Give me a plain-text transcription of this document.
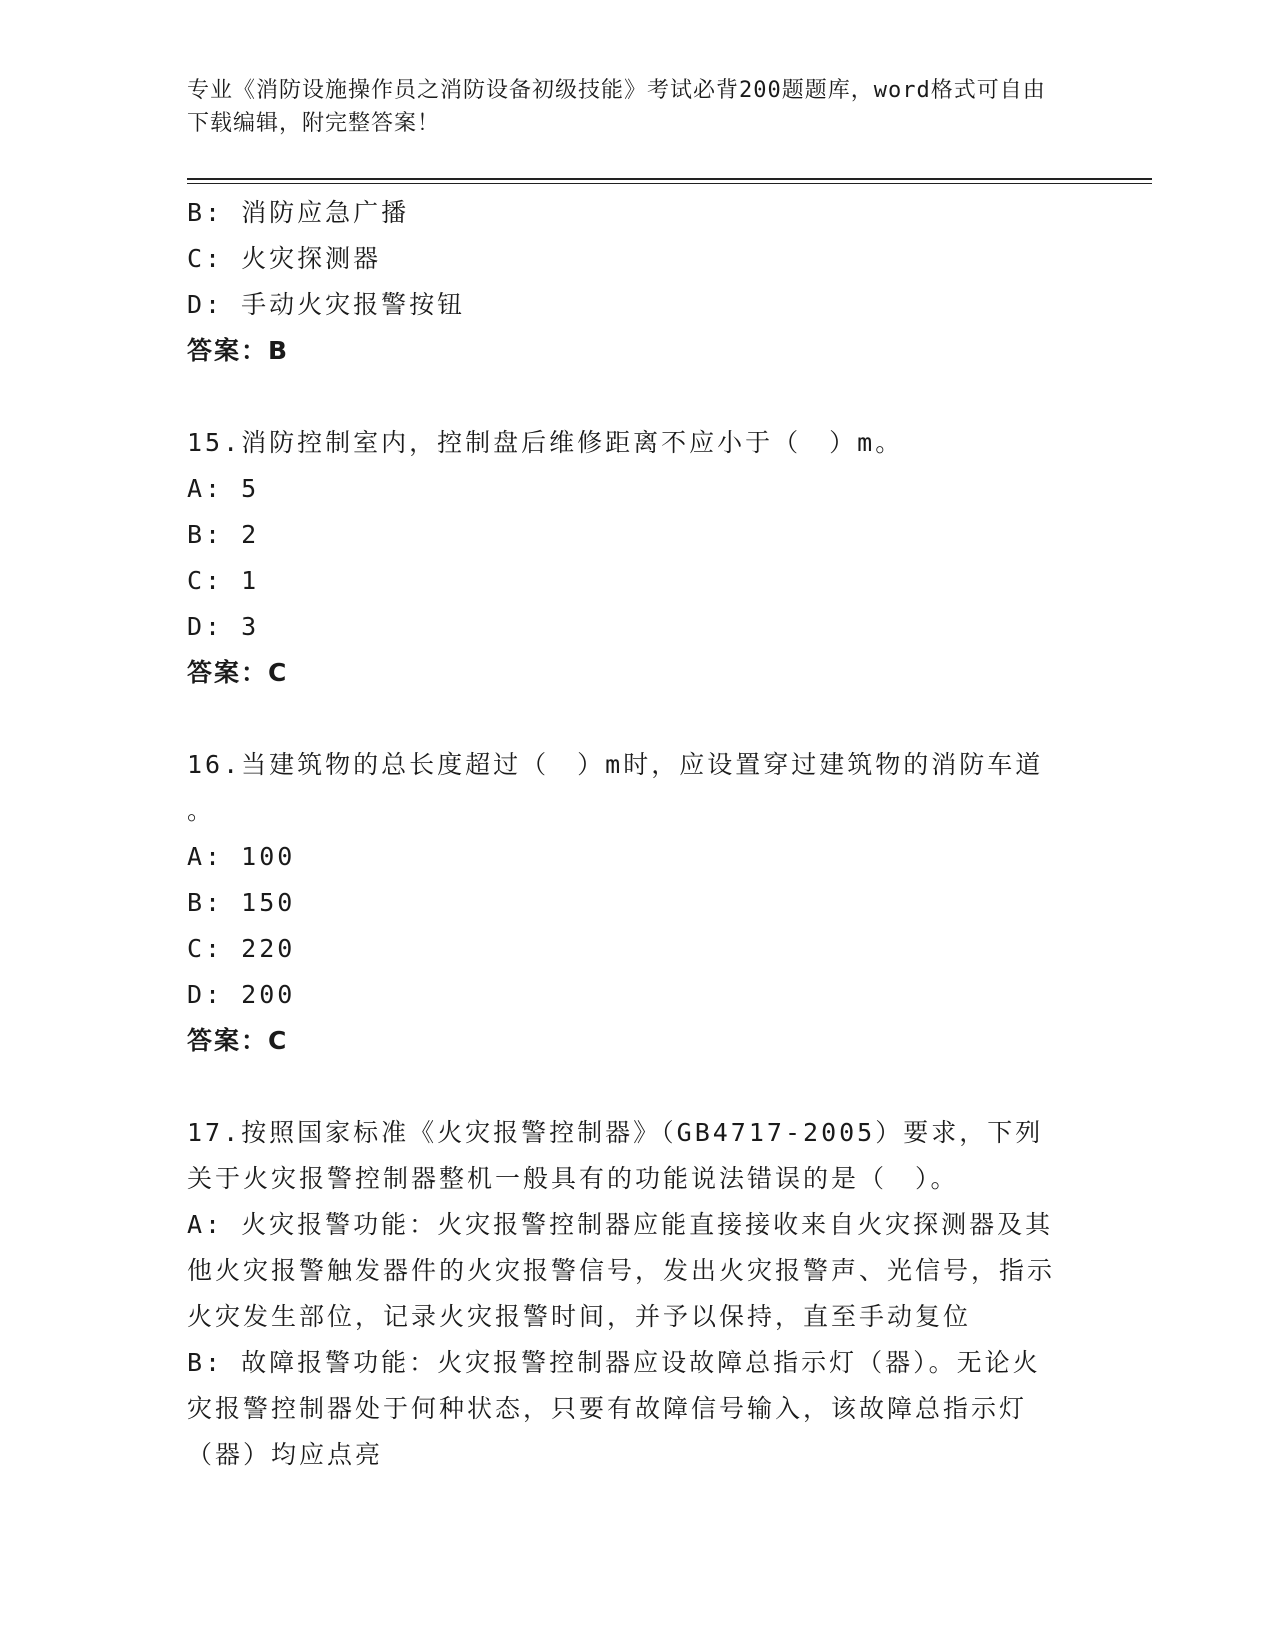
专业《消防设施操作员之消防设备初级技能》考试必背200题题库，word格式可自由下载编辑，附完整答案！
B: 消防应急广播
C: 火灾探测器
D: 手动火灾报警按钮
答案：B
15.消防控制室内，控制盘后维修距离不应小于（　）m。
A: 5
B: 2
C: 1
D: 3
答案：C
16.当建筑物的总长度超过（　）m时，应设置穿过建筑物的消防车道
。
A: 100
B: 150
C: 220
D: 200
答案：C
17.按照国家标准《火灾报警控制器》（GB4717-2005）要求，下列关于火灾报警控制器整机一般具有的功能说法错误的是（　）。
A: 火灾报警功能：火灾报警控制器应能直接接收来自火灾探测器及其他火灾报警触发器件的火灾报警信号，发出火灾报警声、光信号，指示火灾发生部位，记录火灾报警时间，并予以保持，直至手动复位
B: 故障报警功能：火灾报警控制器应设故障总指示灯（器）。无论火灾报警控制器处于何种状态，只要有故障信号输入，该故障总指示灯（器）均应点亮
